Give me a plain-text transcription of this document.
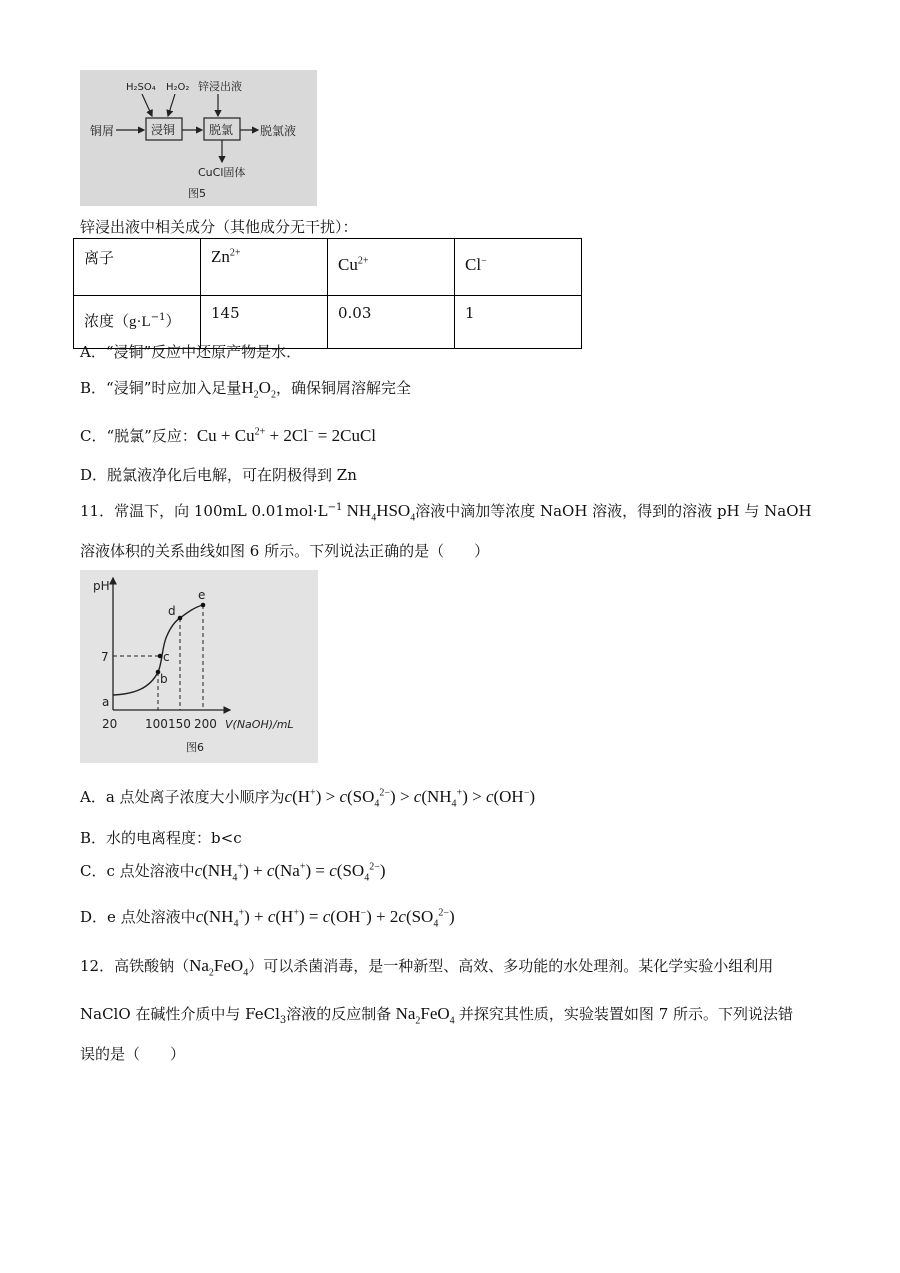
H₂SO₄ H₂O₂ 锌浸出液
铜屑	浸铜	脱氯 脱氯液
CuCl固体
图5
锌浸出液中相关成分（其他成分无干扰）：
离子	$Zn^{2+}$	$Cu^{2+}$	Cl−
浓度$(g\cdot L^{-1})$	145	0.03	1
A．“浸铜”反应中还原产物是水．
B．“浸铜”时应加入足量$H_2O_2$，确保铜屑溶解完全
C．“脱氯”反应：$Cu + Cu^{2+} + 2Cl^-$ = 2CuCl
D．脱氯液净化后电解，可在阴极得到 Zn
11．常温下，向 100mL $0.01mol\cdot L^{-1}$ $NH_4HSO_4$溶液中滴加等浓度 NaOH 溶液，得到的溶液 pH 与 NaOH
溶液体积的关系曲线如图 6 所示。下列说法正确的是（　　）
pH
7
20 100 150 200 V(NaOH)/mL
图6
a
b
c
d
e
A．a 点处离子浓度大小顺序为$c(H^+) > c(SO_4^{2-}) > c(NH_4^+) > c(OH^-)$
B．水的电离程度：b<c
C．c 点处溶液中$c(NH_4^+) + c(Na^+) = c(SO_4^{2-})$
D．e 点处溶液中$c(NH_4^+) + c(H^+) = c(OH^-) + 2c(SO_4^{2-})$
12．高铁酸钠$(Na_2FeO_4)$可以杀菌消毒，是一种新型、高效、多功能的水处理剂。某化学实验小组利用
NaClO 在碱性介质中与 FeCl$_3$溶液的反应制备 $Na_2FeO_4$ 并探究其性质，实验装置如图 7 所示。下列说法错
误的是（　　）
